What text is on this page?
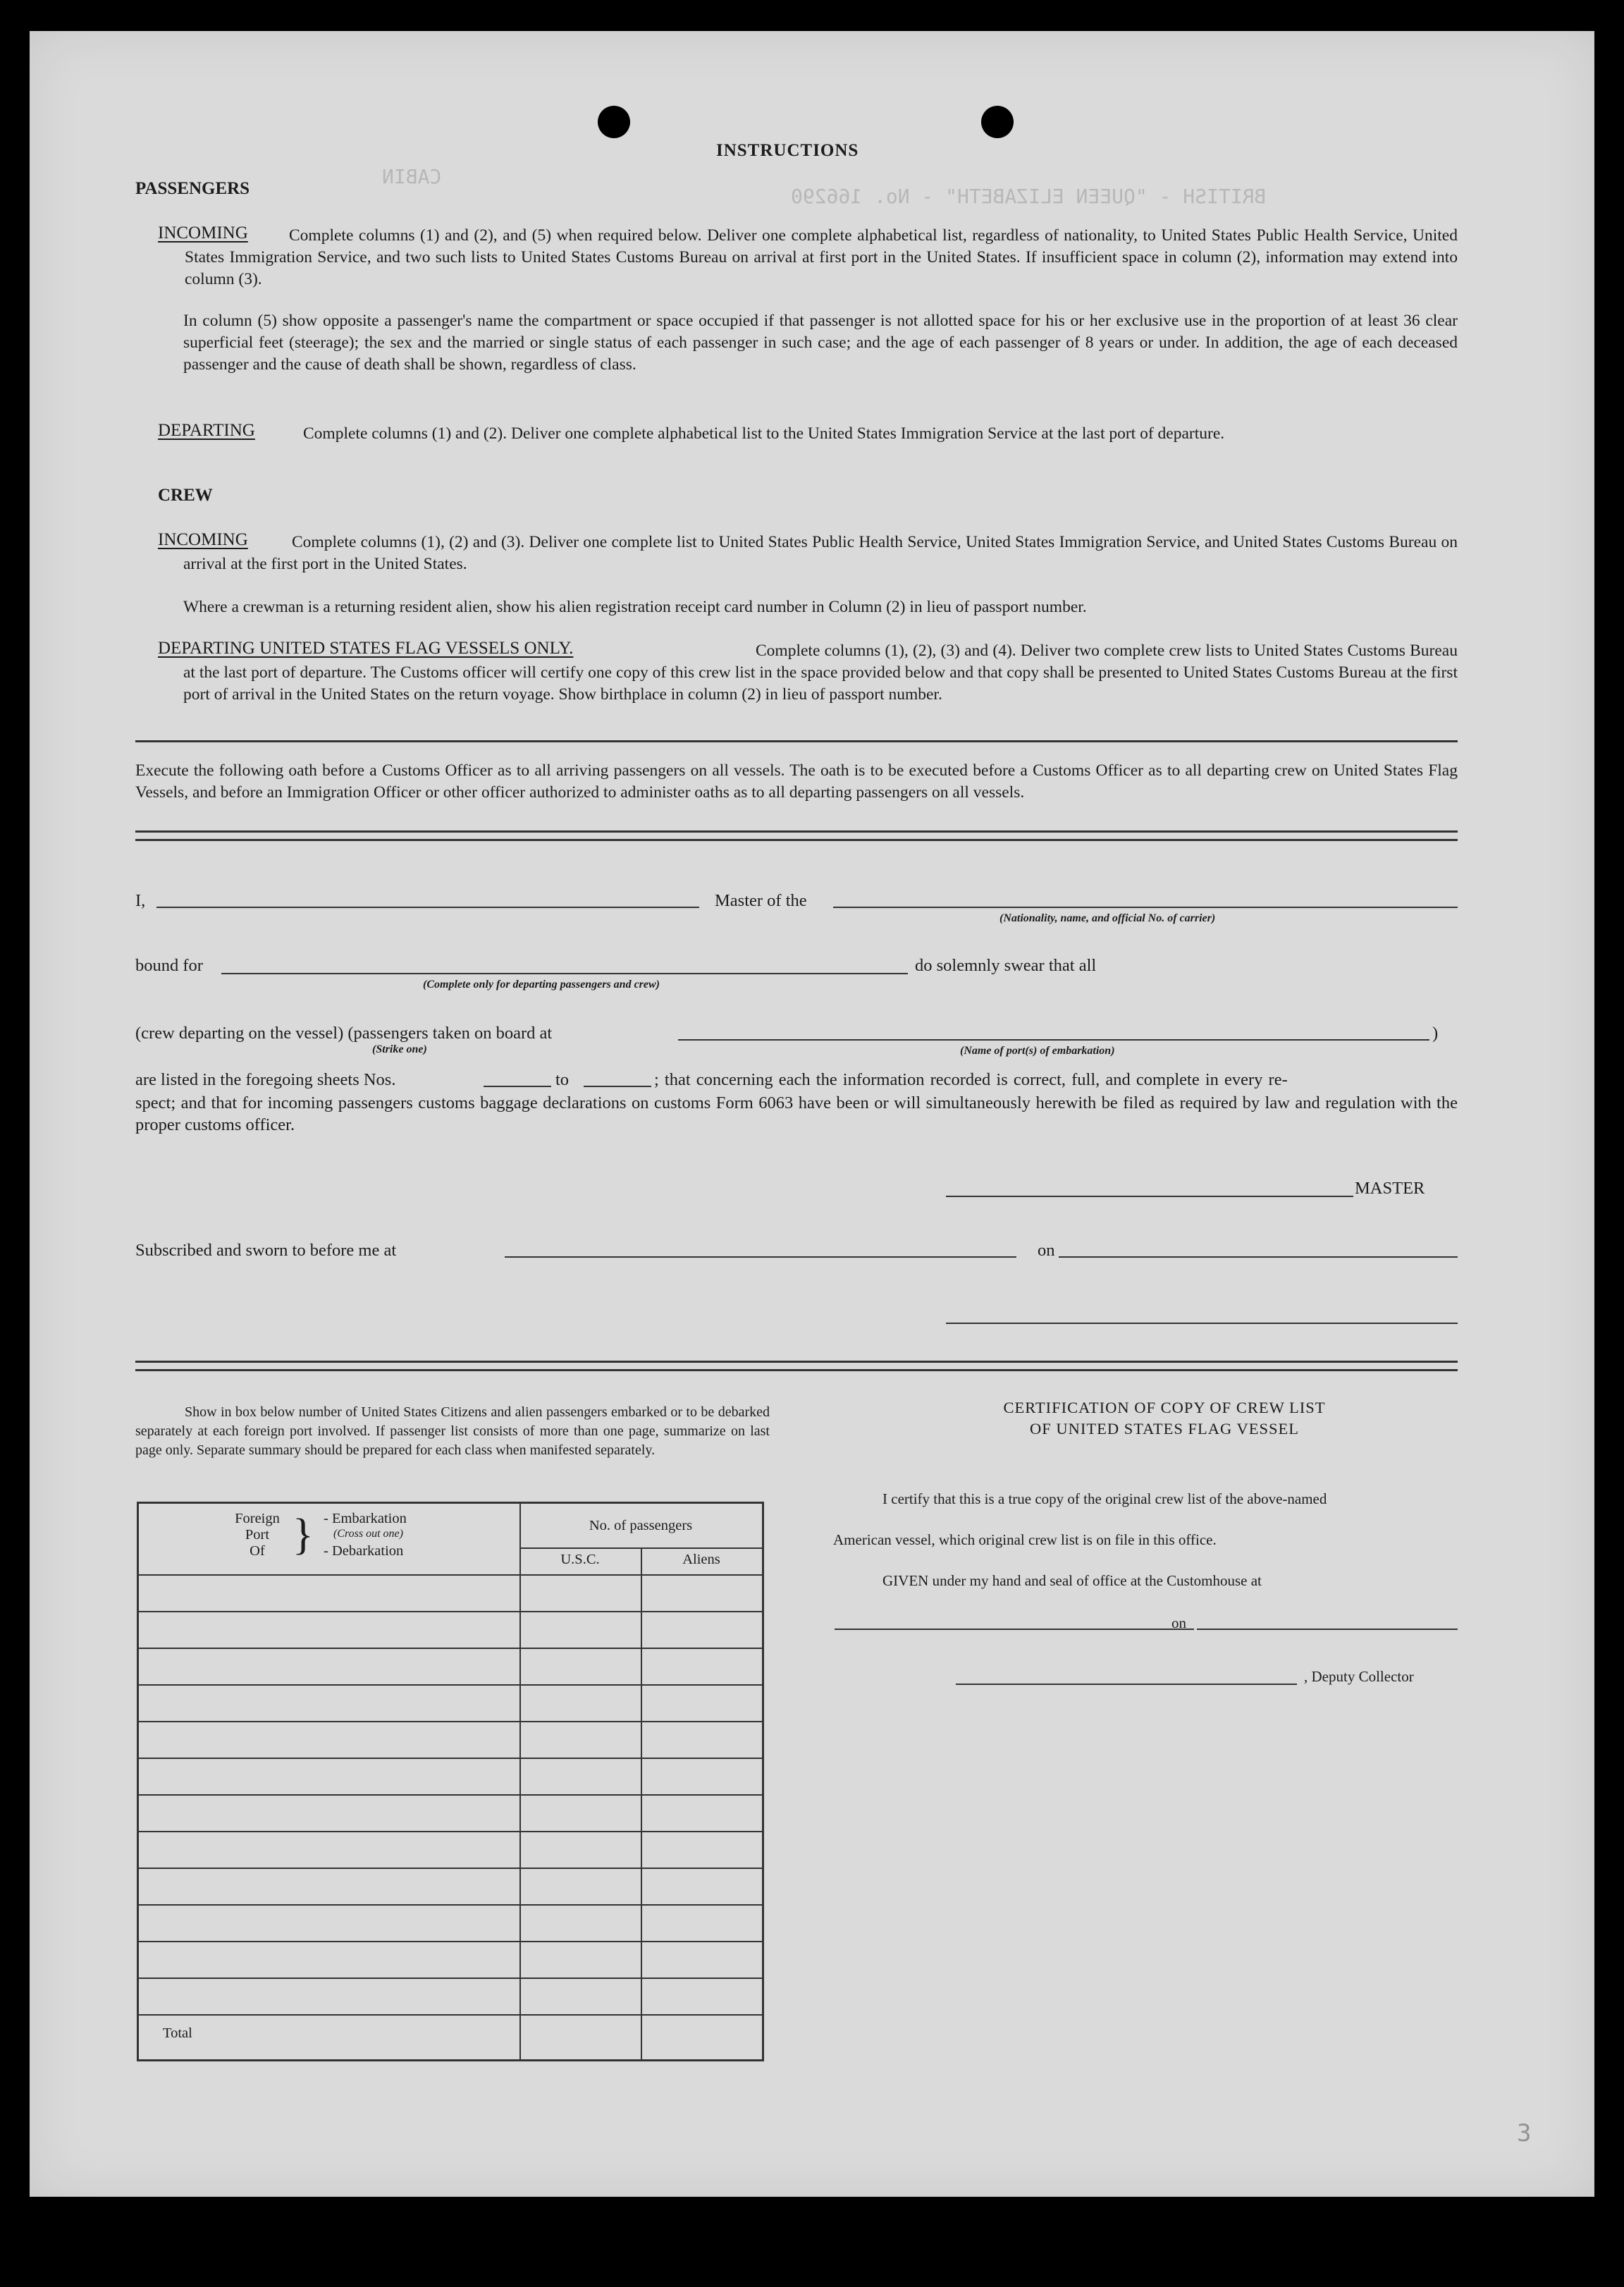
BRITISH - "QUEEN ELIZABETH" - No. 166290
CABIN
3
INSTRUCTIONS
PASSENGERS
INCOMING	Complete columns (1) and (2), and (5) when required below. Deliver one complete alphabetical list, regardless of nationality, to United States Public Health Service, United States Immigration Service, and two such lists to United States Customs Bureau on arrival at first port in the United States. If insufficient space in column (2), information may extend into column (3).
In column (5) show opposite a passenger's name the compartment or space occupied if that passenger is not allotted space for his or her exclusive use in the proportion of at least 36 clear superficial feet (steerage); the sex and the married or single status of each passenger in such case; and the age of each passenger of 8 years or under. In addition, the age of each deceased passenger and the cause of death shall be shown, regardless of class.
DEPARTING	Complete columns (1) and (2). Deliver one complete alphabetical list to the United States Immigration Service at the last port of departure.
CREW
INCOMING	Complete columns (1), (2) and (3). Deliver one complete list to United States Public Health Service, United States Immigration Service, and United States Customs Bureau on arrival at the first port in the United States.
Where a crewman is a returning resident alien, show his alien registration receipt card number in Column (2) in lieu of passport number.
DEPARTING UNITED STATES FLAG VESSELS ONLY.	Complete columns (1), (2), (3) and (4). Deliver two complete crew lists to United States Customs Bureau at the last port of departure. The Customs officer will certify one copy of this crew list in the space provided below and that copy shall be presented to United States Customs Bureau at the first port of arrival in the United States on the return voyage. Show birthplace in column (2) in lieu of passport number.
Execute the following oath before a Customs Officer as to all arriving passengers on all vessels. The oath is to be executed before a Customs Officer as to all departing crew on United States Flag Vessels, and before an Immigration Officer or other officer authorized to administer oaths as to all departing passengers on all vessels.
I,	Master of the
(Nationality, name, and official No. of carrier)
bound for
(Complete only for departing passengers and crew)
do solemnly swear that all
(crew departing on the vessel) (passengers taken on board at	)
(Strike one)	(Name of port(s) of embarkation)
are listed in the foregoing sheets Nos.	to	; that concerning each the information recorded is correct, full, and complete in every re-
spect; and that for incoming passengers customs baggage declarations on customs Form 6063 have been or will simultaneously herewith be filed as required by law and regulation with the proper customs officer.
MASTER
Subscribed and sworn to before me at	on
Show in box below number of United States Citizens and alien passengers embarked or to be debarked separately at each foreign port involved. If passenger list consists of more than one page, summarize on last page only. Separate summary should be prepared for each class when manifested separately.
Foreign
Port
Of } - Embarkation
(Cross out one)
- Debarkation
No. of passengers
U.S.C.	Aliens
Total
CERTIFICATION OF COPY OF CREW LIST
OF UNITED STATES FLAG VESSEL
I certify that this is a true copy of the original crew list of the above-named
American vessel, which original crew list is on file in this office.
GIVEN under my hand and seal of office at the Customhouse at
on
, Deputy Collector
